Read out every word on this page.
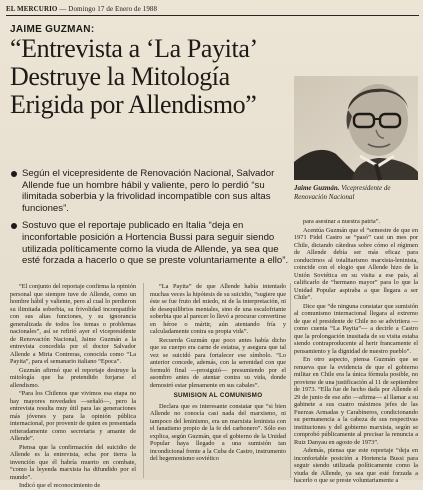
EL MERCURIO — Domingo 17 de Enero de 1988
JAIME GUZMAN:
“Entrevista a ‘La Payita’ Destruye la Mitología Erigida por Allendismo”
Según el vicepresidente de Renovación Nacional, Salvador Allende fue un hombre hábil y valiente, pero lo perdió “su ilimitada soberbia y la frivolidad incompatible con sus altas funciones”.
Sostuvo que el reportaje publicado en Italia “deja en inconfortable posición a Hortencia Bussi para seguir siendo utilizada políticamente como la viuda de Allende, ya sea que esté forzada a hacerlo o que se preste voluntariamente a ello”.
Jaime Guzmán. Vicepresidente de Renovación Nacional

“El conjunto del reportaje confirma la opinión personal que siempre tuve de Allende, como un hombre hábil y valiente, pero al cual lo perdieron su ilimitada soberbia, su frivolidad incompatible con sus altas funciones, y su ignorancia generalizada de todos los temas o problemas nacionales”, así se refirió ayer el vicepresidente de Renovación Nacional, Jaime Guzmán a la entrevista concedida por el doctor Salvador Allende a Miria Contreras, conocida como “La Payita”, para el semanario italiano “Epoca”.

Guzmán afirmó que el reportaje destruye la mitología que ha pretendido forjarse el allendismo.

“Para los Chilenos que vivimos esa etapa no hay mayores novedades —señaló—, pero la entrevista resulta muy útil para las generaciones más jóvenes y para la opinión pública internacional, por provenir de quien es presentada reiteradamente como secretaria y amante de Allende”.

Piensa que la confirmación del suicidio de Allende es la entrevista, echa por tierra la invención que él habría muerto en combate, “como la leyenda marxista ha difundido por el mundo”.

Indicó que el reconocimiento de

“La Payita” de que Allende había intentado muchas veces la hipótesis de su suicidio, “sugiere que éste se fue fruto del miedo, ni de la interpretación, ni de desequilibrios mentales, sino de una escalofriante soberbia que al parecer lo llevó a procurar convertirse en héroe o mártir, aún atentando fría y calculadamente contra su propia vida”.

Recuerda Guzmán que poco antes había dicho que su cuerpo era carne de estatua, y asegura que tal vez se suicidó para fortalecer ese símbolo. “Lo anterior concede, además, con la serenidad con que formuló final —prosiguió— presumiendo por el asombro antes de atentar contra su vida, donde demostró estar plenamente en sus cabales”.

SUMISION AL COMUNISMO

Declara que es interesante constatar que “si bien Allende no conocía casi nada del marxismo, ni tampoco del leninismo, era un marxista leninista con el fanatismo propio de la fe del carbonero”. Sólo eso explica, según Guzmán, que el gobierno de la Unidad Popular haya llegado a una sumisión tan incondicional frente a la Cuba de Castro, instrumento del hegemonismo soviético

para asesinar a nuestra patria”.

Acentúa Guzmán que el “semestre de que en 1971 Fidel Castro se “pasó” casi un mes por Chile, dictando cátedras sobre cómo el régimen de Allende debía ser más eficaz para conducirnos al totalitarismo marxista-leninista, coincide con el elogio que Allende hizo de la Unión Soviética en su visita a ese país, al calificarlo de “hermano mayor” para lo que la Unidad Popular aspiraba a que llegara a ser Chile”.

Dice que “de ninguna constatar que sumisión al comunismo internacional llegara al extremo de que el presidente de Chile no se advirtiera —como cuenta “La Payita”— a decirle a Castro que la prolongación inusitada de su visita estaba siendo contraproducente al herir francamente el pensamiento y la dignidad de nuestro pueblo”.

En otro aspecto, piensa Guzmán que se renueva que la evidencia de que el gobierno militar en Chile era la única fórmula posible, no proviene de una justificación al 11 de septiembre de 1973. “Ella fue de hecho dada por Allende el 29 de junio de ese año —afirma— al llamar a su gabinete a sus cuatro máximos jefes de las Fuerzas Armadas y Carabineros, condicionando su permanencia a la cabeza de sus respectivas instituciones y del gobierno marxista, según se comprobó públicamente al precisar la renuncia a Ruiz Danyau en agosto de 1973”.

Además, piensa que este reportaje “deja en inconfortable posición a Hortencia Bussi para seguir siendo utilizada políticamente como la viuda de Allende, ya sea que esté forzada a hacerlo o que se preste voluntariamente a
